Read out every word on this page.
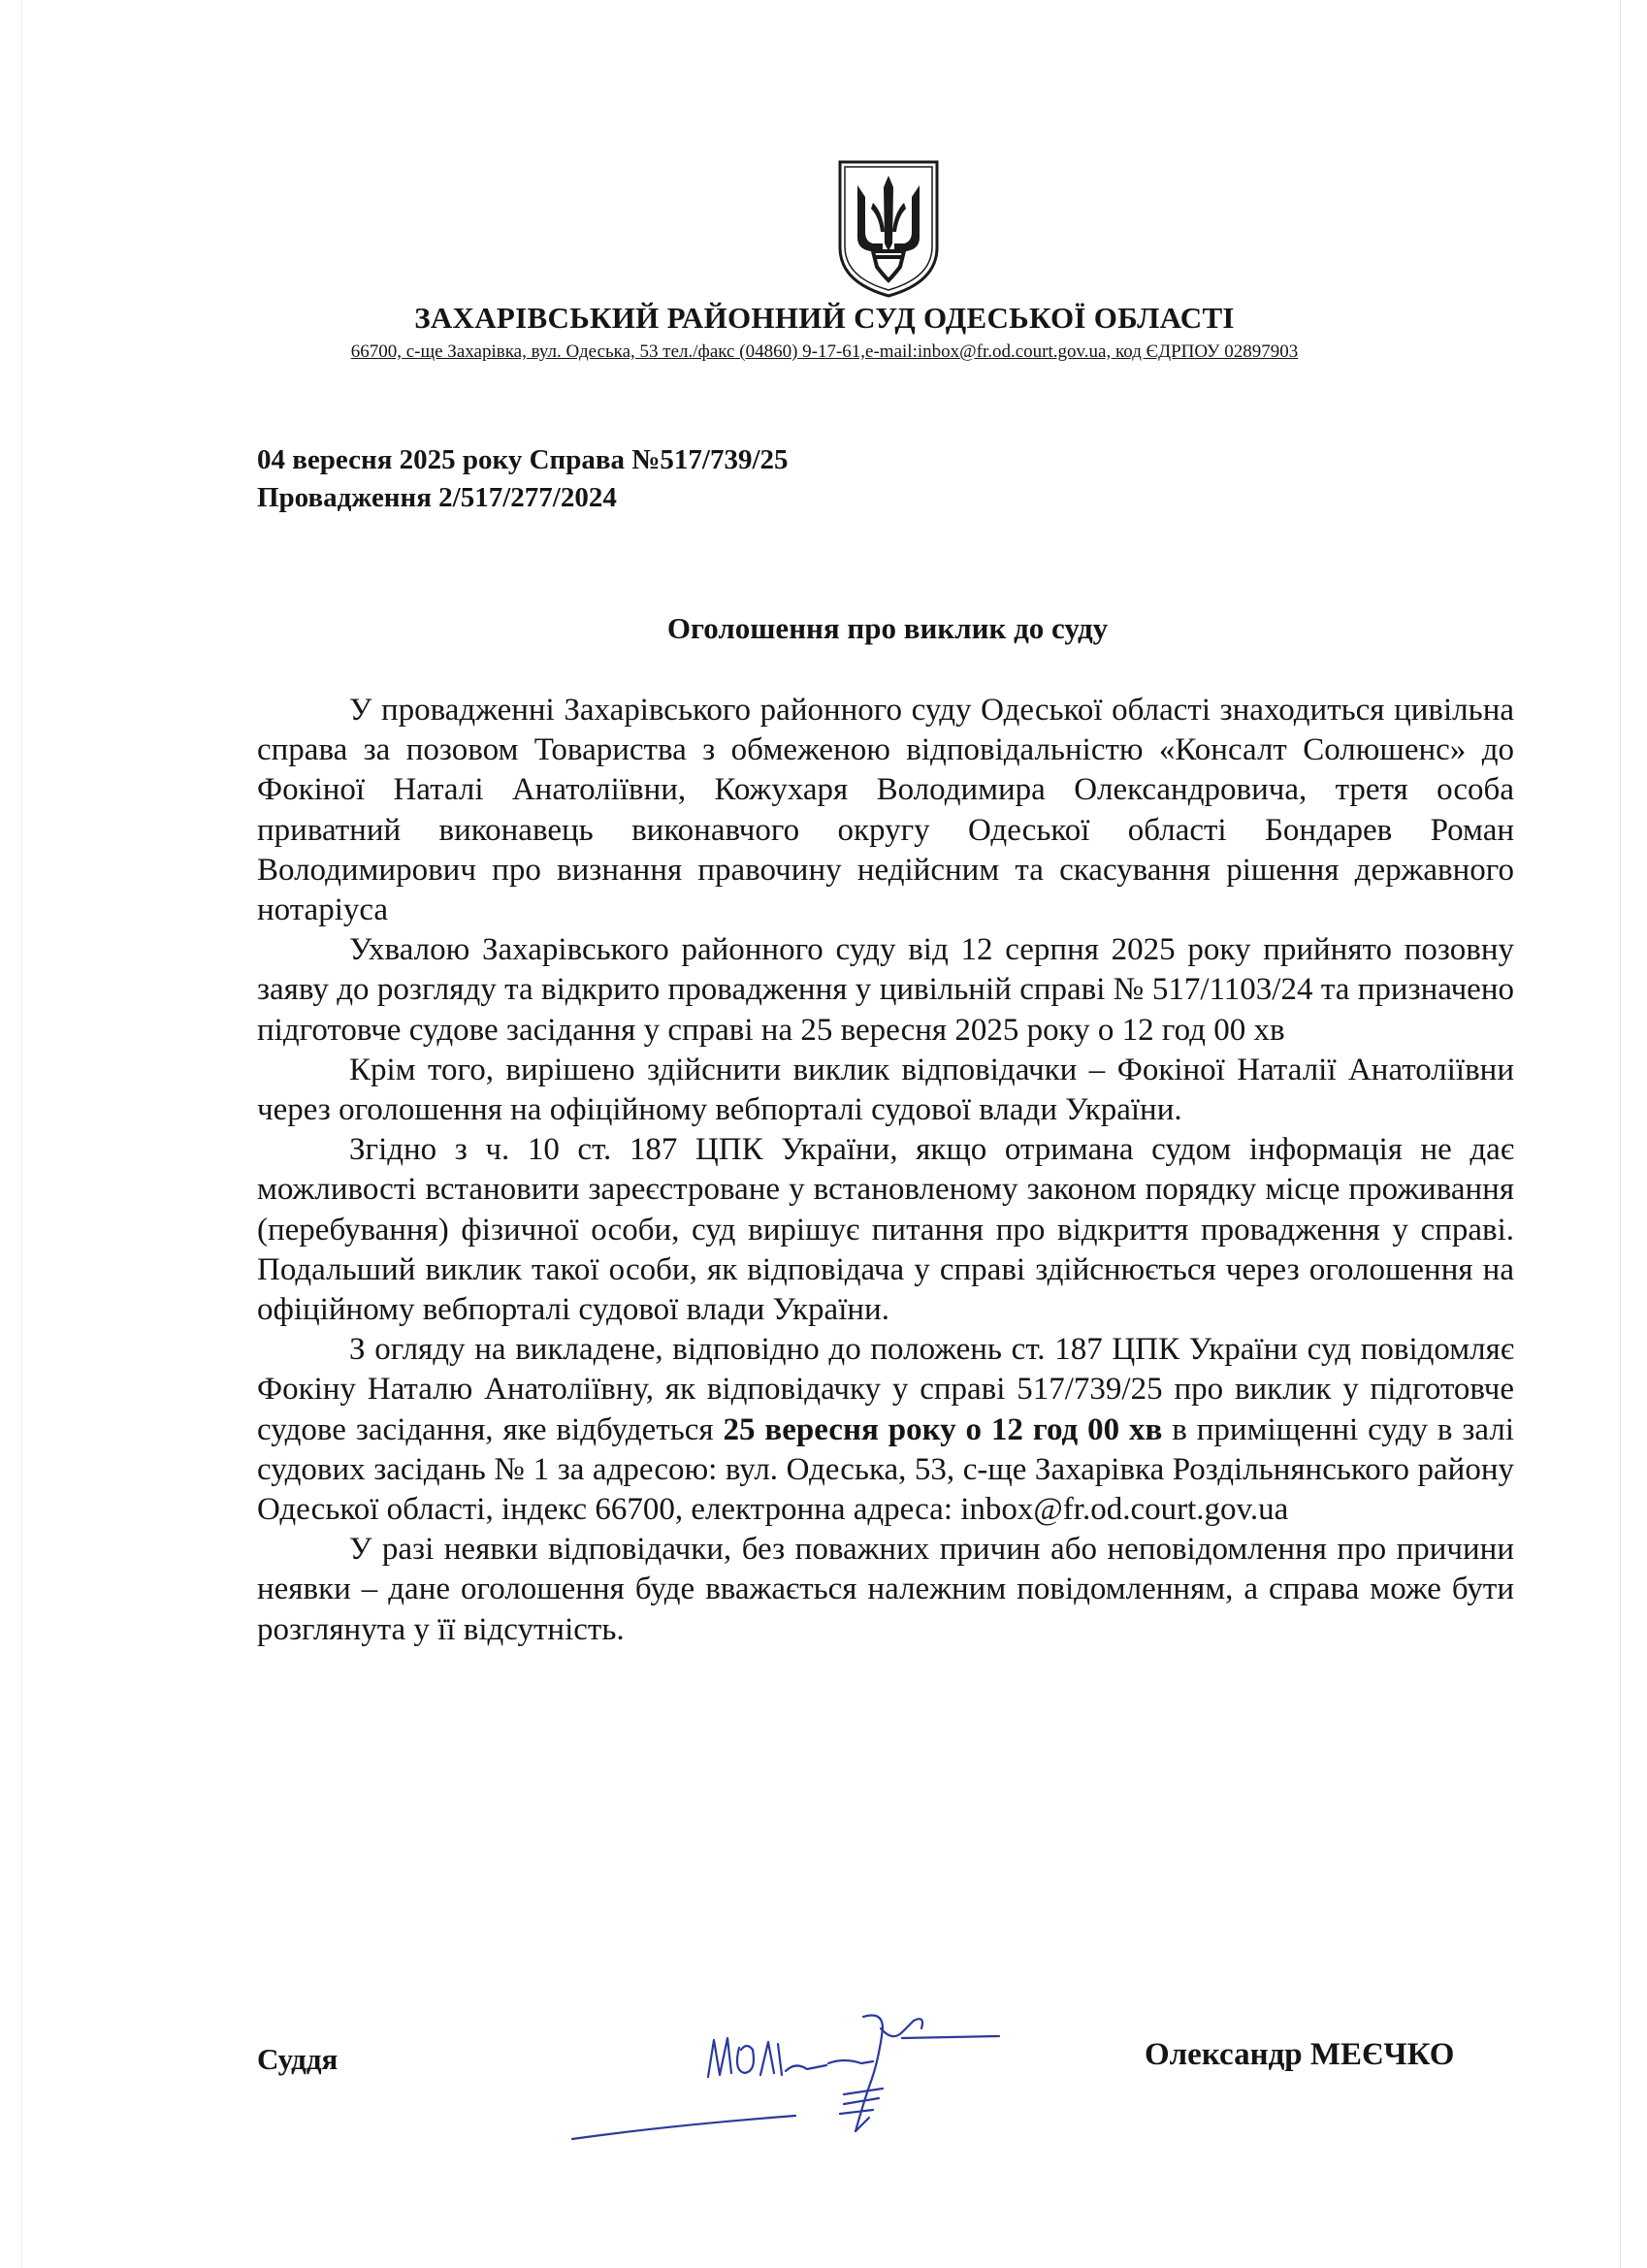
ЗАХАРІВСЬКИЙ РАЙОННИЙ СУД ОДЕСЬКОЇ ОБЛАСТІ
66700, с-ще Захарівка, вул. Одеська, 53 тел./факс (04860) 9-17-61,e-mail:inbox@fr.od.court.gov.ua, код ЄДРПОУ 02897903
04 вересня 2025 року Справа №517/739/25
Провадження 2/517/277/2024
Оголошення про виклик до суду

У провадженні Захарівського районного суду Одеської області знаходиться цивільна справа за позовом Товариства з обмеженою відповідальністю «Консалт Солюшенс» до Фокіної Наталі Анатоліївни, Кожухаря Володимира Олександровича, третя особа приватний виконавець виконавчого округу Одеської області Бондарев Роман Володимирович про визнання правочину недійсним та скасування рішення державного нотаріуса

Ухвалою Захарівського районного суду від 12 серпня 2025 року прийнято позовну заяву до розгляду та відкрито провадження у цивільній справі № 517/1103/24 та призначено підготовче судове засідання у справі на 25 вересня 2025 року о 12 год 00 хв

Крім того, вирішено здійснити виклик відповідачки – Фокіної Наталії Анатоліївни через оголошення на офіційному вебпорталі судової влади України.

Згідно з ч. 10 ст. 187 ЦПК України, якщо отримана судом інформація не дає можливості встановити зареєстроване у встановленому законом порядку місце проживання (перебування) фізичної особи, суд вирішує питання про відкриття провадження у справі. Подальший виклик такої особи, як відповідача у справі здійснюється через оголошення на офіційному вебпорталі судової влади України.

З огляду на викладене, відповідно до положень ст. 187 ЦПК України суд повідомляє Фокіну Наталю Анатоліївну, як відповідачку у справі 517/739/25 про виклик у підготовче судове засідання, яке відбудеться 25 вересня року о 12 год 00 хв в приміщенні суду в залі судових засідань № 1 за адресою: вул. Одеська, 53, с-ще Захарівка Роздільнянського району Одеської області, індекс 66700, електронна адреса: inbox@fr.od.court.gov.ua

У разі неявки відповідачки, без поважних причин або неповідомлення про причини неявки – дане оголошення буде вважається належним повідомленням, а справа може бути розглянута у її відсутність.

Суддя	Олександр МЕЄЧКО
